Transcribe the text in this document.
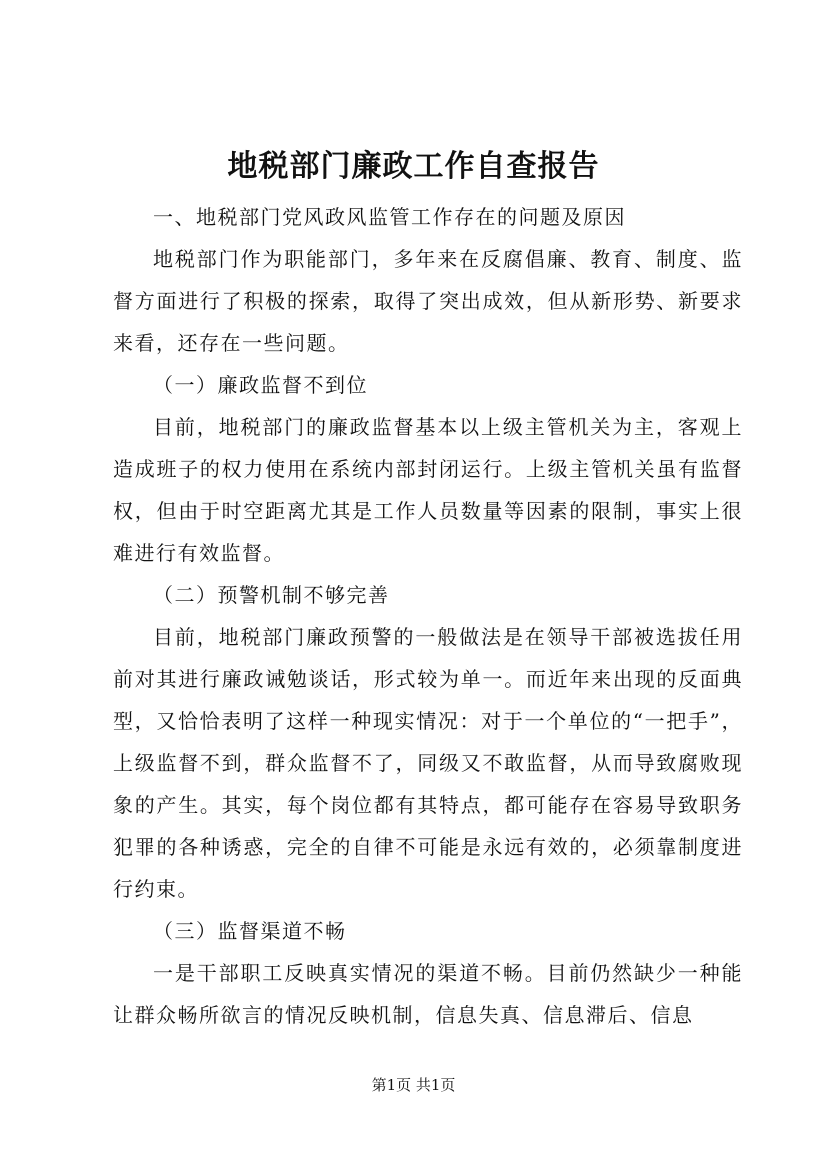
地税部门廉政工作自查报告

一、地税部门党风政风监管工作存在的问题及原因

地税部门作为职能部门，多年来在反腐倡廉、教育、制度、监督方面进行了积极的探索，取得了突出成效，但从新形势、新要求来看，还存在一些问题。

（一）廉政监督不到位

目前，地税部门的廉政监督基本以上级主管机关为主，客观上造成班子的权力使用在系统内部封闭运行。上级主管机关虽有监督权，但由于时空距离尤其是工作人员数量等因素的限制，事实上很难进行有效监督。

（二）预警机制不够完善

目前，地税部门廉政预警的一般做法是在领导干部被选拔任用前对其进行廉政诫勉谈话，形式较为单一。而近年来出现的反面典型，又恰恰表明了这样一种现实情况：对于一个单位的“一把手”，上级监督不到，群众监督不了，同级又不敢监督，从而导致腐败现象的产生。其实，每个岗位都有其特点，都可能存在容易导致职务犯罪的各种诱惑，完全的自律不可能是永远有效的，必须靠制度进行约束。

（三）监督渠道不畅

一是干部职工反映真实情况的渠道不畅。目前仍然缺少一种能让群众畅所欲言的情况反映机制，信息失真、信息滞后、信息

第1页 共1页
